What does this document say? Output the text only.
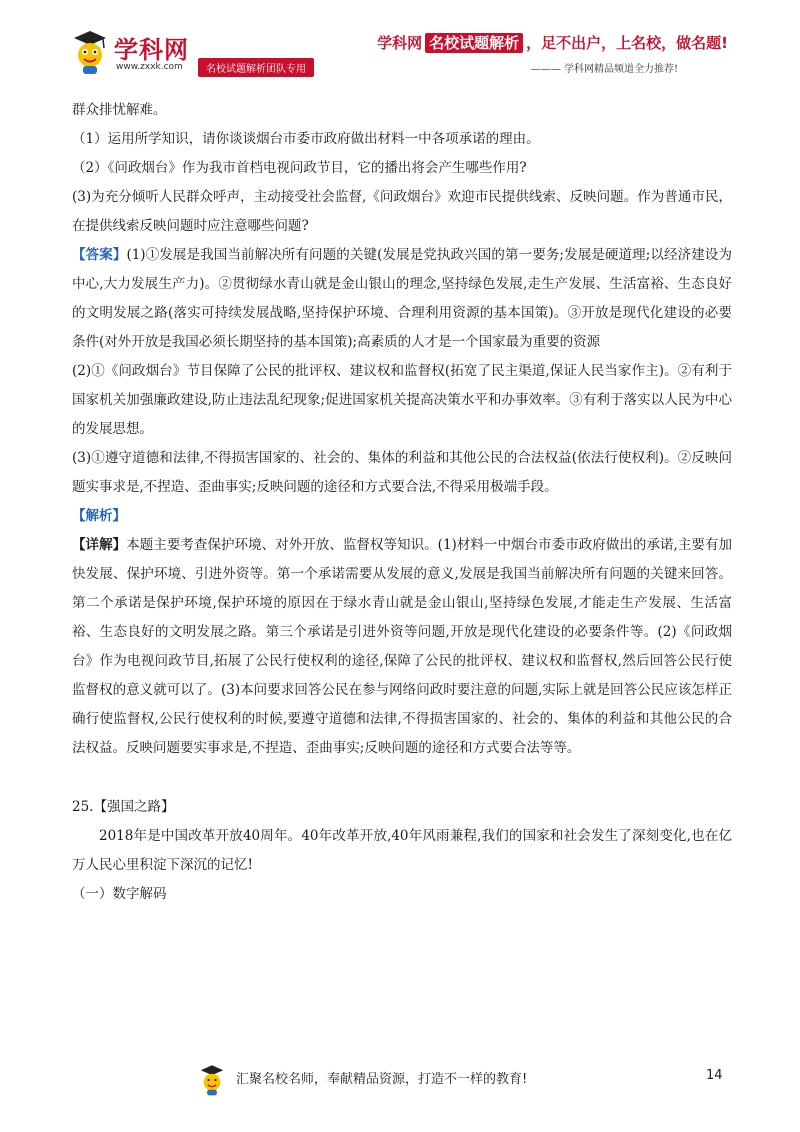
学科网
www.zxxk.com	名校试题解析团队专用
学科网 名校试题解析 ，足不出户，上名校，做名题!
——— 学科网精品频道全力推荐!

群众排忧解难。

（1）运用所学知识，请你谈谈烟台市委市政府做出材料一中各项承诺的理由。

（2）《问政烟台》作为我市首档电视问政节目，它的播出将会产生哪些作用?

(3)为充分倾听人民群众呼声，主动接受社会监督,《问政烟台》欢迎市民提供线索、反映问题。作为普通市民，在提供线索反映问题时应注意哪些问题?

【答案】(1)①发展是我国当前解决所有问题的关键(发展是党执政兴国的第一要务;发展是硬道理;以经济建设为中心,大力发展生产力)。②贯彻绿水青山就是金山银山的理念,坚持绿色发展,走生产发展、生活富裕、生态良好的文明发展之路(落实可持续发展战略,坚持保护环境、合理利用资源的基本国策)。③开放是现代化建设的必要条件(对外开放是我国必须长期坚持的基本国策);高素质的人才是一个国家最为重要的资源

(2)①《问政烟台》节目保障了公民的批评权、建议权和监督权(拓宽了民主渠道,保证人民当家作主)。②有利于国家机关加强廉政建设,防止违法乱纪现象;促进国家机关提高决策水平和办事效率。③有利于落实以人民为中心的发展思想。

(3)①遵守道德和法律,不得损害国家的、社会的、集体的利益和其他公民的合法权益(依法行使权利)。②反映问题实事求是,不捏造、歪曲事实;反映问题的途径和方式要合法,不得采用极端手段。

【解析】

【详解】本题主要考查保护环境、对外开放、监督权等知识。(1)材料一中烟台市委市政府做出的承诺,主要有加快发展、保护环境、引进外资等。第一个承诺需要从发展的意义,发展是我国当前解决所有问题的关键来回答。第二个承诺是保护环境,保护环境的原因在于绿水青山就是金山银山,坚持绿色发展,才能走生产发展、生活富裕、生态良好的文明发展之路。第三个承诺是引进外资等问题,开放是现代化建设的必要条件等。(2)《问政烟台》作为电视问政节目,拓展了公民行使权利的途径,保障了公民的批评权、建议权和监督权,然后回答公民行使监督权的意义就可以了。(3)本问要求回答公民在参与网络问政时要注意的问题,实际上就是回答公民应该怎样正确行使监督权,公民行使权利的时候,要遵守道德和法律,不得损害国家的、社会的、集体的利益和其他公民的合法权益。反映问题要实事求是,不捏造、歪曲事实;反映问题的途径和方式要合法等等。

25.【强国之路】

2018年是中国改革开放40周年。40年改革开放,40年风雨兼程,我们的国家和社会发生了深刻变化,也在亿万人民心里积淀下深沉的记忆!

（一）数字解码

汇聚名校名师，奉献精品资源，打造不一样的教育!	14
